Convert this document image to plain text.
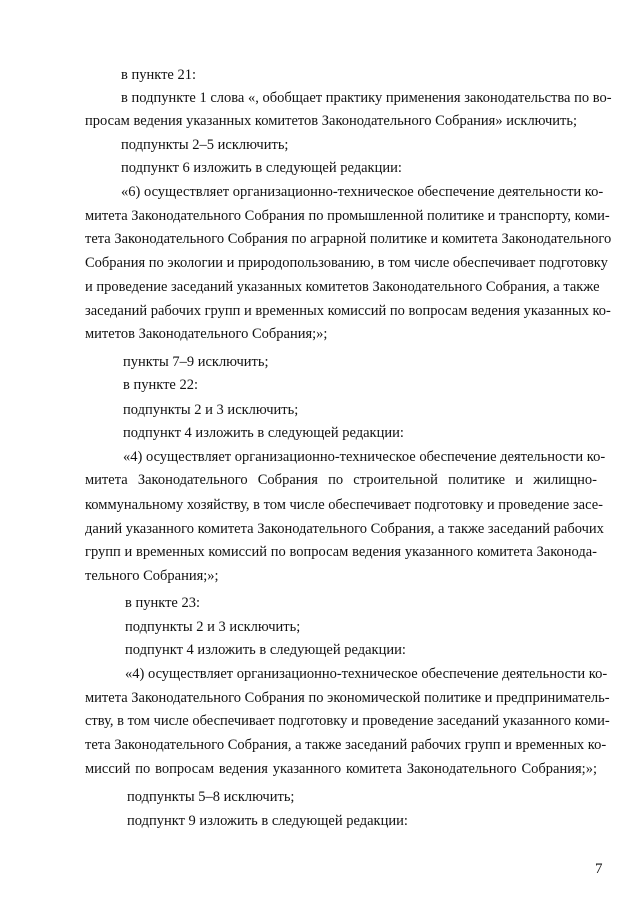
в пункте 21:
в подпункте 1 слова «, обобщает практику применения законодательства по во-
просам ведения указанных комитетов Законодательного Собрания» исключить;
подпункты 2–5 исключить;
подпункт 6 изложить в следующей редакции:
«6) осуществляет организационно-техническое обеспечение деятельности ко-
митета Законодательного Собрания по промышленной политике и транспорту, коми-
тета Законодательного Собрания по аграрной политике и комитета Законодательного
Собрания по экологии и природопользованию, в том числе обеспечивает подготовку
и проведение заседаний указанных комитетов Законодательного Собрания, а также
заседаний рабочих групп и временных комиссий по вопросам ведения указанных ко-
митетов Законодательного Собрания;»;
пункты 7–9 исключить;
в пункте 22:
подпункты 2 и 3 исключить;
подпункт 4 изложить в следующей редакции:
«4) осуществляет организационно-техническое обеспечение деятельности ко-
митета Законодательного Собрания по строительной политике и жилищно-
коммунальному хозяйству, в том числе обеспечивает подготовку и проведение засе-
даний указанного комитета Законодательного Собрания, а также заседаний рабочих
групп и временных комиссий по вопросам ведения указанного комитета Законода-
тельного Собрания;»;
в пункте 23:
подпункты 2 и 3 исключить;
подпункт 4 изложить в следующей редакции:
«4) осуществляет организационно-техническое обеспечение деятельности ко-
митета Законодательного Собрания по экономической политике и предприниматель-
ству, в том числе обеспечивает подготовку и проведение заседаний указанного коми-
тета Законодательного Собрания, а также заседаний рабочих групп и временных ко-
миссий по вопросам ведения указанного комитета Законодательного Собрания;»;
подпункты 5–8 исключить;
подпункт 9 изложить в следующей редакции:
7
